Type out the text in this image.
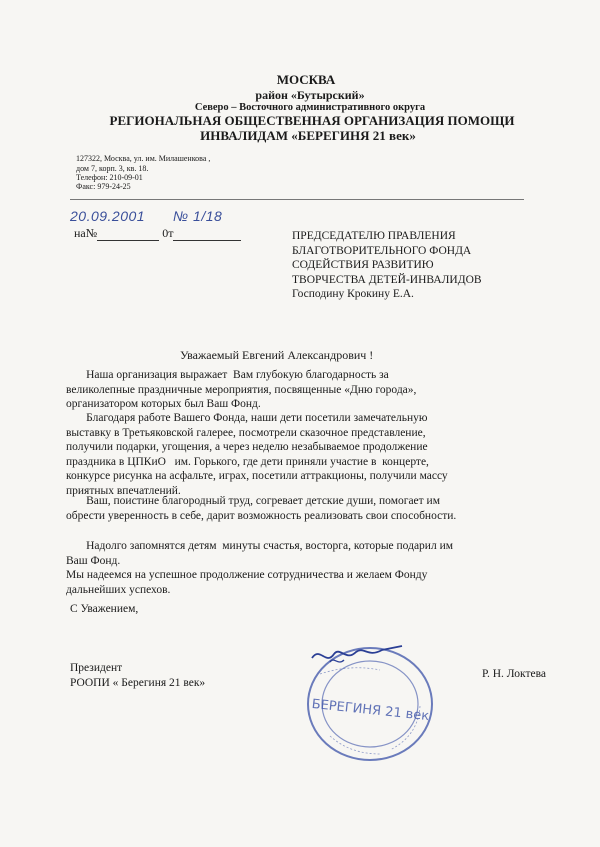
МОСКВА
район «Бутырский»
Северо – Восточного административного округа
РЕГИОНАЛЬНАЯ ОБЩЕСТВЕННАЯ ОРГАНИЗАЦИЯ ПОМОЩИ
ИНВАЛИДАМ «БЕРЕГИНЯ 21 век»
127322, Москва, ул. им. Милашенкова ,
дом 7, корп. 3, кв. 18.
Телефон: 210-09-01
Факс: 979-24-25
20.09.2001 № 1/18
на№	0т	ПРЕДСЕДАТЕЛЮ ПРАВЛЕНИЯ
БЛАГОТВОРИТЕЛЬНОГО ФОНДА
СОДЕЙСТВИЯ РАЗВИТИЮ
ТВОРЧЕСТВА ДЕТЕЙ-ИНВАЛИДОВ
Господину Крокину Е.А.
Уважаемый Евгений Александрович !
Наша организация выражает  Вам глубокую благодарность за
великолепные праздничные мероприятия, посвященные «Дню города»,
организатором которых был Ваш Фонд.
Благодаря работе Вашего Фонда, наши дети посетили замечательную
выставку в Третьяковской галерее, посмотрели сказочное представление,
получили подарки, угощения, а через неделю незабываемое продолжение
праздника в ЦПКиО   им. Горького, где дети приняли участие в  концерте,
конкурсе рисунка на асфальте, играх, посетили аттракционы, получили массу
приятных впечатлений.
Ваш, поистине благородный труд, согревает детские души, помогает им
обрести уверенность в себе, дарит возможность реализовать свои способности.
Надолго запомнятся детям  минуты счастья, восторга, которые подарил им
Ваш Фонд.
Мы надеемся на успешное продолжение сотрудничества и желаем Фонду
дальнейших успехов.
С Уважением,
Президент
РООПИ « Берегиня 21 век»
БЕРЕГИНЯ 21 век
Р. Н. Локтева
